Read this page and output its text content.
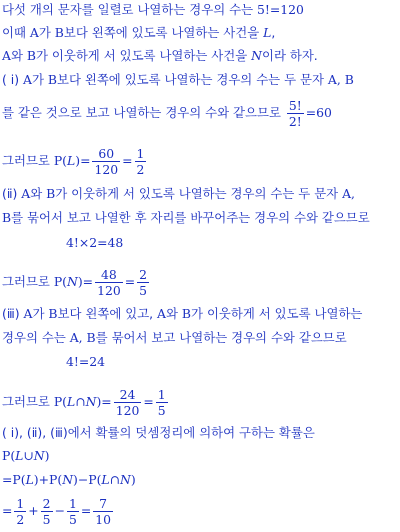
다섯 개의 문자를 일렬로 나열하는 경우의 수는 5!=120
이때 A가 B보다 왼쪽에 있도록 나열하는 사건을 L,
A와 B가 이웃하게 서 있도록 나열하는 사건을 N이라 하자.
( ⅰ) A가 B보다 왼쪽에 있도록 나열하는 경우의 수는 두 문자 A, B
를 같은 것으로 보고 나열하는 경우의 수와 같으므로 $\frac{5!}{2!} =60$
그러므로 $P(L)= \frac{60}{120} = \frac{1}{2}$
(ⅱ) A와 B가 이웃하게 서 있도록 나열하는 경우의 수는 두 문자 A,
B를 묶어서 보고 나열한 후 자리를 바꾸어주는 경우의 수와 같으므로
4!×2=48
그러므로 $P(N)= \frac{48}{120} = \frac{2}{5}$
(ⅲ) A가 B보다 왼쪽에 있고, A와 B가 이웃하게 서 있도록 나열하는
경우의 수는 A, B를 묶어서 보고 나열하는 경우의 수와 같으므로
4!=24
그러므로 P(L∩N)= $\frac{24}{120} = \frac{1}{5}$
( ⅰ), (ⅱ), (ⅲ)에서 확률의 덧셈정리에 의하여 구하는 확률은
P(L∪N)
=P(L)+P(N)−P(L∩N)
= $\frac{1}{2} + \frac{2}{5} - \frac{1}{5} = \frac{7}{10}$
